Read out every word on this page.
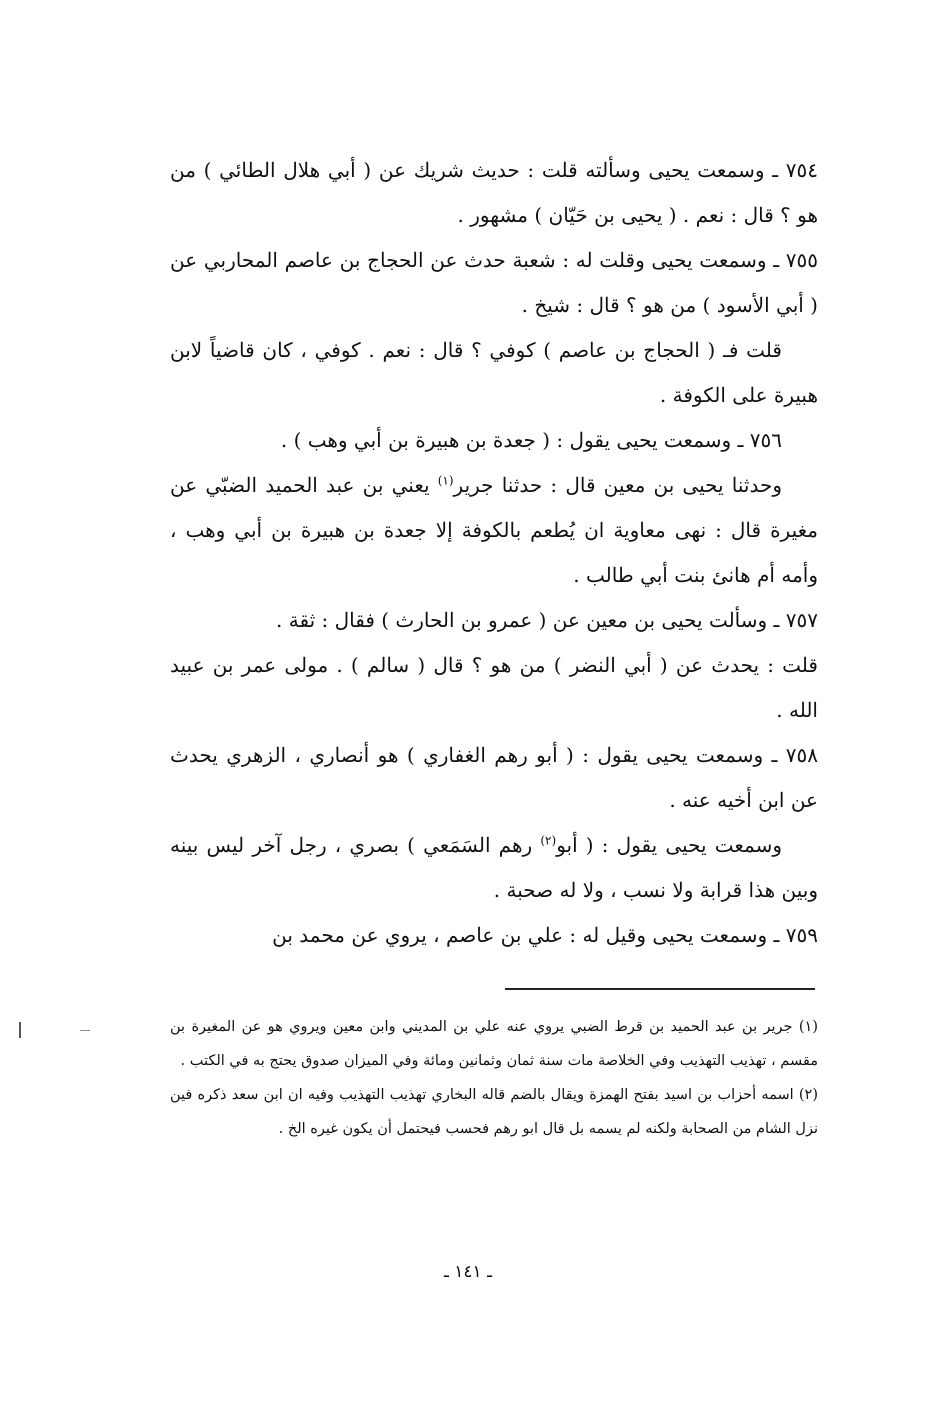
٧٥٤ ـ وسمعت يحيى وسألته قلت : حديث شريك عن ( أبي هلال الطائي ) من هو ؟ قال : نعم . ( يحيى بن حَيّان ) مشهور .

٧٥٥ ـ وسمعت يحيى وقلت له : شعبة حدث عن الحجاج بن عاصم المحاربي عن ( أبي الأسود ) من هو ؟ قال : شيخ .

قلت فـ ( الحجاج بن عاصم ) كوفي ؟ قال : نعم . كوفي ، كان قاضياً لابن هبيرة على الكوفة .

٧٥٦ ـ وسمعت يحيى يقول : ( جعدة بن هبيرة بن أبي وهب ) .

وحدثنا يحيى بن معين قال : حدثنا جرير$^{(١)}$ يعني بن عبد الحميد الضبّي عن مغيرة قال : نهى معاوية ان يُطعم بالكوفة إلا جعدة بن هبيرة بن أبي وهب ، وأمه أم هانئ بنت أبي طالب .

٧٥٧ ـ وسألت يحيى بن معين عن ( عمرو بن الحارث ) فقال : ثقة .

قلت : يحدث عن ( أبي النضر ) من هو ؟ قال ( سالم ) . مولى عمر بن عبيد الله .

٧٥٨ ـ وسمعت يحيى يقول : ( أبو رهم الغفاري ) هو أنصاري ، الزهري يحدث عن ابن أخيه عنه .

وسمعت يحيى يقول : ( أبو$^{(٢)}$ رهم السَمَعي ) بصري ، رجل آخر ليس بينه وبين هذا قرابة ولا نسب ، ولا له صحبة .

٧٥٩ ـ وسمعت يحيى وقيل له : علي بن عاصم ، يروي عن محمد بن

(١) جرير بن عبد الحميد بن قرط الضبي يروي عنه علي بن المديني وابن معين ويروي هو عن المغيرة بن مقسم ، تهذيب التهذيب وفي الخلاصة مات سنة ثمان وثمانين ومائة وفي الميزان صدوق يحتج به في الكتب .

(٢) اسمه أحزاب بن اسيد بفتح الهمزة ويقال بالضم قاله البخاري تهذيب التهذيب وفيه ان ابن سعد ذكره فين نزل الشام من الصحابة ولكنه لم يسمه بل قال ابو رهم فحسب فيحتمل أن يكون غيره الخ .

ـ ١٤١ ـ
